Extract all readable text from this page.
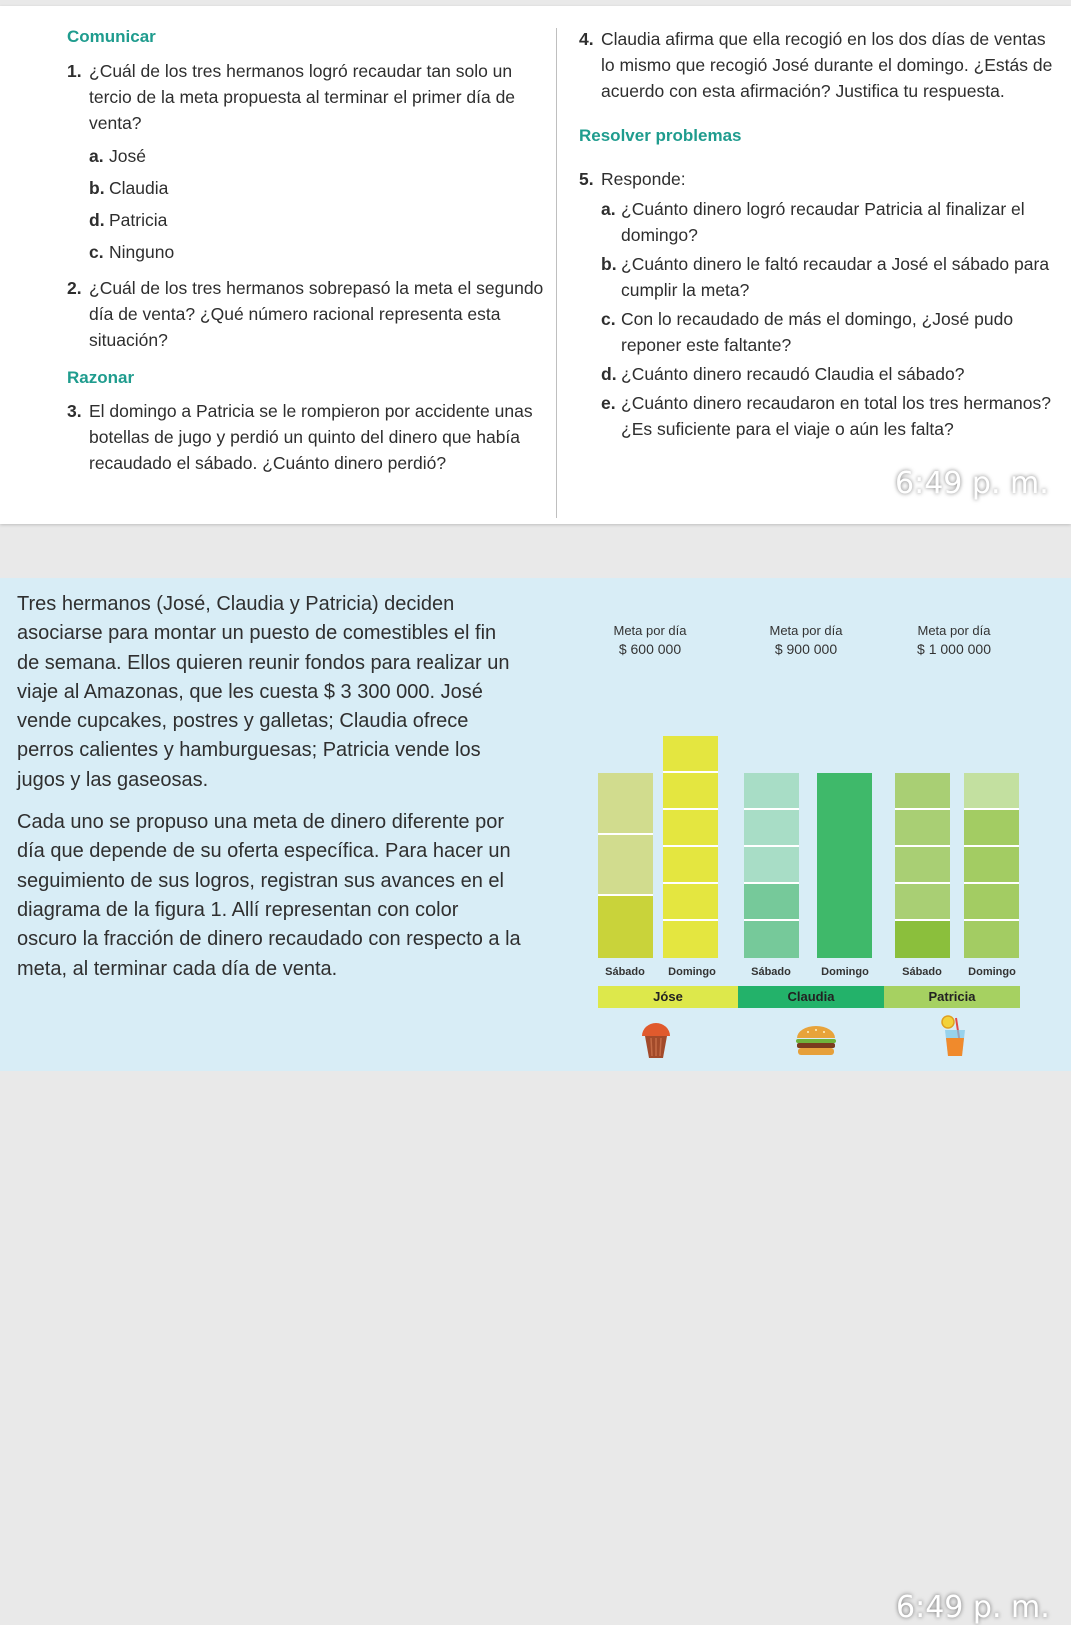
Comunicar
1. ¿Cuál de los tres hermanos logró recaudar tan solo un tercio de la meta propuesta al terminar el primer día de venta?
a. José
b. Claudia
d. Patricia
c. Ninguno
2. ¿Cuál de los tres hermanos sobrepasó la meta el segundo día de venta? ¿Qué número racional representa esta situación?
Razonar
3. El domingo a Patricia se le rompieron por accidente unas botellas de jugo y perdió un quinto del dinero que había recaudado el sábado. ¿Cuánto dinero perdió?
4. Claudia afirma que ella recogió en los dos días de ventas lo mismo que recogió José durante el domingo. ¿Estás de acuerdo con esta afirmación? Justifica tu respuesta.
Resolver problemas
5. Responde:
a. ¿Cuánto dinero logró recaudar Patricia al finalizar el domingo?
b. ¿Cuánto dinero le faltó recaudar a José el sábado para cumplir la meta?
c. Con lo recaudado de más el domingo, ¿José pudo reponer este faltante?
d. ¿Cuánto dinero recaudó Claudia el sábado?
e. ¿Cuánto dinero recaudaron en total los tres hermanos? ¿Es suficiente para el viaje o aún les falta?
6:49 p. m.

Tres hermanos (José, Claudia y Patricia) deciden asociarse para montar un puesto de comestibles el fin de semana. Ellos quieren reunir fondos para realizar un viaje al Amazonas, que les cuesta $ 3 300 000. José vende cupcakes, postres y galletas; Claudia ofrece perros calientes y hamburguesas; Patricia vende los jugos y las gaseosas.

Cada uno se propuso una meta de dinero diferente por día que depende de su oferta específica. Para hacer un seguimiento de sus logros, registran sus avances en el diagrama de la figura 1. Allí representan con color oscuro la fracción de dinero recaudado con respecto a la meta, al terminar cada día de venta.

Meta por día
$ 600 000
Meta por día
$ 900 000
Meta por día
$ 1 000 000
Sábado	Domingo	Sábado	Domingo	Sábado	Domingo
Jóse	Claudia	Patricia
6:49 p. m.
